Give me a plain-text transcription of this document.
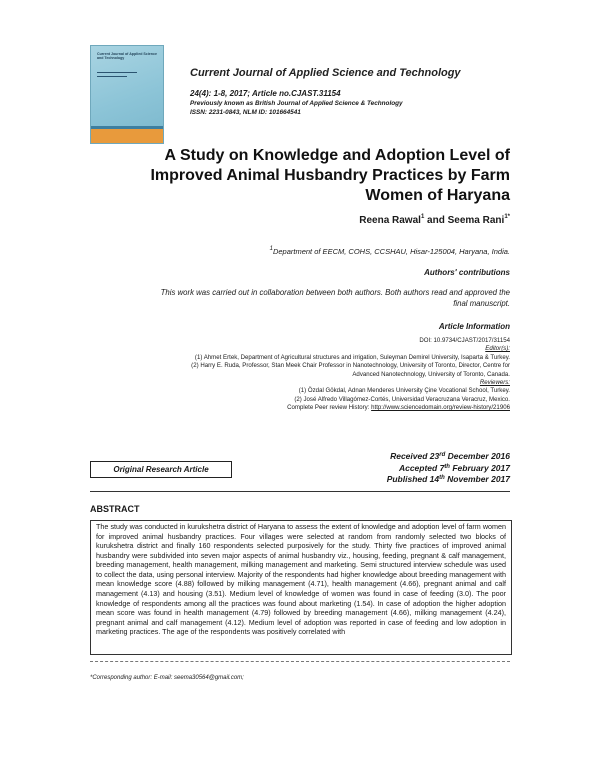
Current Journal of Applied Science and Technology
Current Journal of Applied Science and Technology
24(4): 1-8, 2017; Article no.CJAST.31154
Previously known as British Journal of Applied Science & Technology
ISSN: 2231-0843, NLM ID: 101664541
A Study on Knowledge and Adoption Level of
Improved Animal Husbandry Practices by Farm
Women of Haryana
Reena Rawal$^1$ and Seema Rani$^{1*}$
$^1$Department of EECM, COHS, CCSHAU, Hisar-125004, Haryana, India.
Authors' contributions
This work was carried out in collaboration between both authors. Both authors read and approved the
final manuscript.
Article Information
DOI: 10.9734/CJAST/2017/31154
Editor(s):
(1) Ahmet Ertek, Department of Agricultural structures and irrigation, Suleyman Demirel University, Isaparta & Turkey.
(2) Harry E. Ruda, Professor, Stan Meek Chair Professor in Nanotechnology, University of Toronto, Director, Centre for
Advanced Nanotechnology, University of Toronto, Canada.
Reviewers:
(1) Özdal Gökdal, Adnan Menderes University Çine Vocational School, Turkey.
(2) José Alfredo Villagómez-Cortés, Universidad Veracruzana Veracruz, Mexico.
Complete Peer review History: http://www.sciencedomain.org/review-history/21906
Original Research Article
Received 23rd December 2016
Accepted 7th February 2017
Published 14th November 2017
ABSTRACT

The study was conducted in kurukshetra district of Haryana to assess the extent of knowledge and adoption level of farm women for improved animal husbandry practices. Four villages were selected at random from randomly selected two blocks of kurukshetra district and finally 160 respondents selected purposively for the study. Thirty five practices of improved animal husbandry were subdivided into seven major aspects of animal husbandry viz., housing, feeding, pregnant & calf management, breeding management, health management, milking management and marketing. Semi structured interview schedule was used to collect the data, using personal interview. Majority of the respondents had higher knowledge about breeding management with mean knowledge score (4.88) followed by milking management (4.71), health management (4.66), pregnant animal and calf management (4.13) and housing (3.51). Medium level of knowledge of women was found in case of feeding (3.0). The poor knowledge of respondents among all the practices was found about marketing (1.54). In case of adoption the higher adoption mean score was found in health management (4.79) followed by breeding management (4.66), milking management (4.24), pregnant animal and calf management (4.12). Medium level of adoption was reported in case of feeding and low adoption in marketing practices. The age of the respondents was positively correlated with

*Corresponding author: E-mail: seema30564@gmail.com;
